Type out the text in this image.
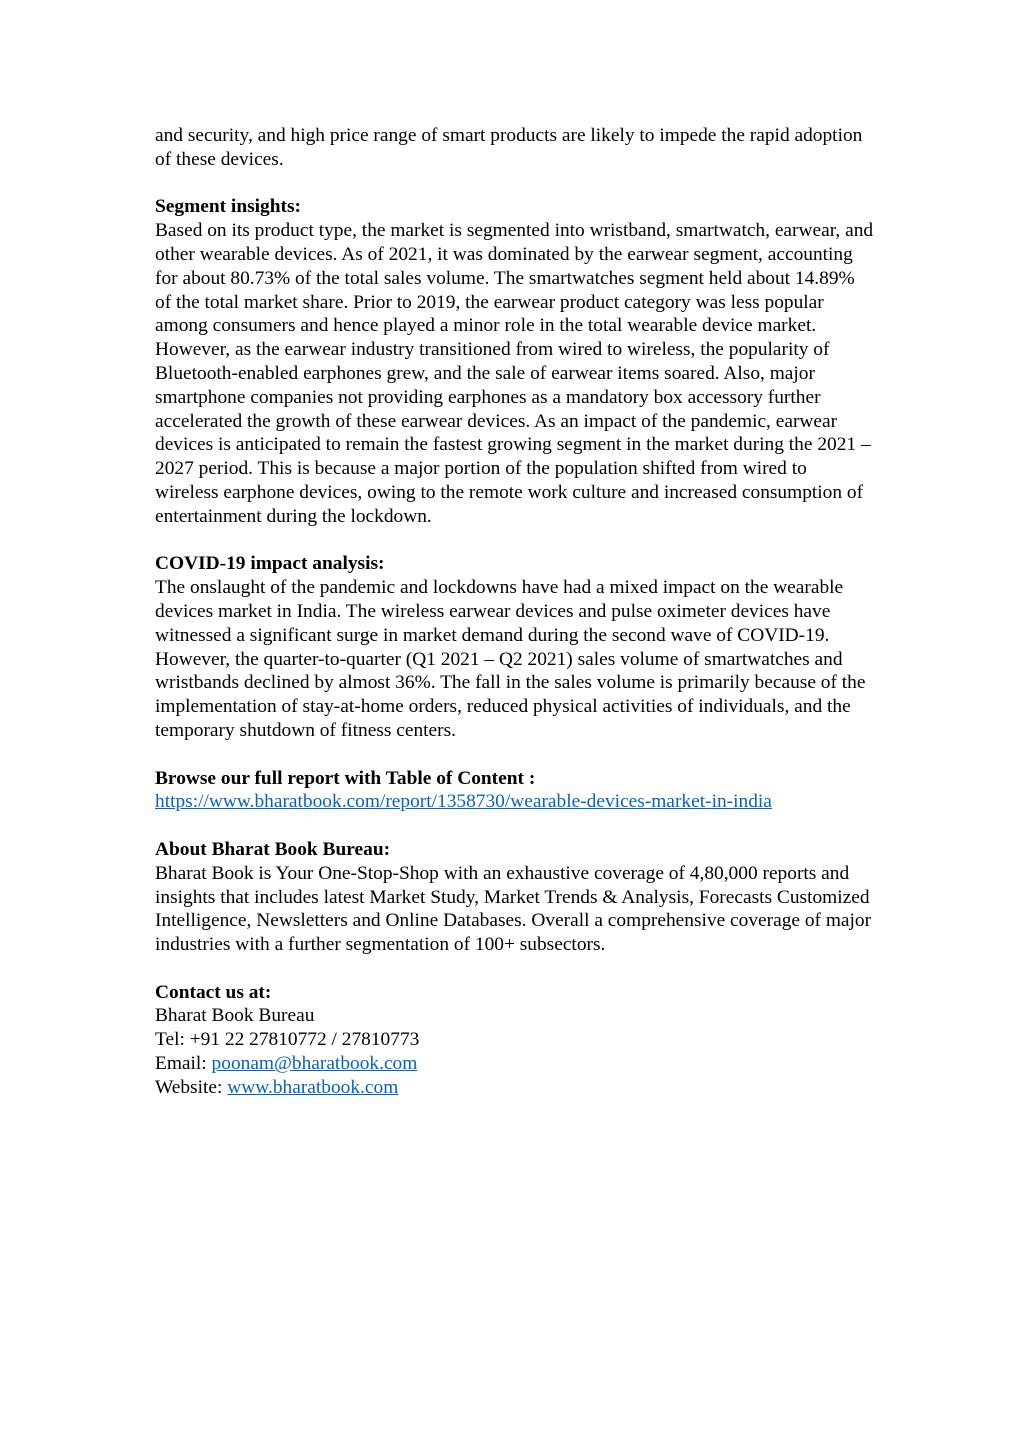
and security, and high price range of smart products are likely to impede the rapid adoption of these devices.

Segment insights:

Based on its product type, the market is segmented into wristband, smartwatch, earwear, and other wearable devices. As of 2021, it was dominated by the earwear segment, accounting for about 80.73% of the total sales volume. The smartwatches segment held about 14.89% of the total market share. Prior to 2019, the earwear product category was less popular among consumers and hence played a minor role in the total wearable device market. However, as the earwear industry transitioned from wired to wireless, the popularity of Bluetooth-enabled earphones grew, and the sale of earwear items soared. Also, major smartphone companies not providing earphones as a mandatory box accessory further accelerated the growth of these earwear devices. As an impact of the pandemic, earwear devices is anticipated to remain the fastest growing segment in the market during the 2021 – 2027 period. This is because a major portion of the population shifted from wired to wireless earphone devices, owing to the remote work culture and increased consumption of entertainment during the lockdown.

COVID-19 impact analysis:

The onslaught of the pandemic and lockdowns have had a mixed impact on the wearable devices market in India. The wireless earwear devices and pulse oximeter devices have witnessed a significant surge in market demand during the second wave of COVID-19. However, the quarter-to-quarter (Q1 2021 – Q2 2021) sales volume of smartwatches and wristbands declined by almost 36%. The fall in the sales volume is primarily because of the implementation of stay-at-home orders, reduced physical activities of individuals, and the temporary shutdown of fitness centers.

Browse our full report with Table of Content :

https://www.bharatbook.com/report/1358730/wearable-devices-market-in-india

About Bharat Book Bureau:

Bharat Book is Your One-Stop-Shop with an exhaustive coverage of 4,80,000 reports and insights that includes latest Market Study, Market Trends & Analysis, Forecasts Customized Intelligence, Newsletters and Online Databases. Overall a comprehensive coverage of major industries with a further segmentation of 100+ subsectors.

Contact us at:

Bharat Book Bureau
Tel: +91 22 27810772 / 27810773
Email: poonam@bharatbook.com
Website: www.bharatbook.com
